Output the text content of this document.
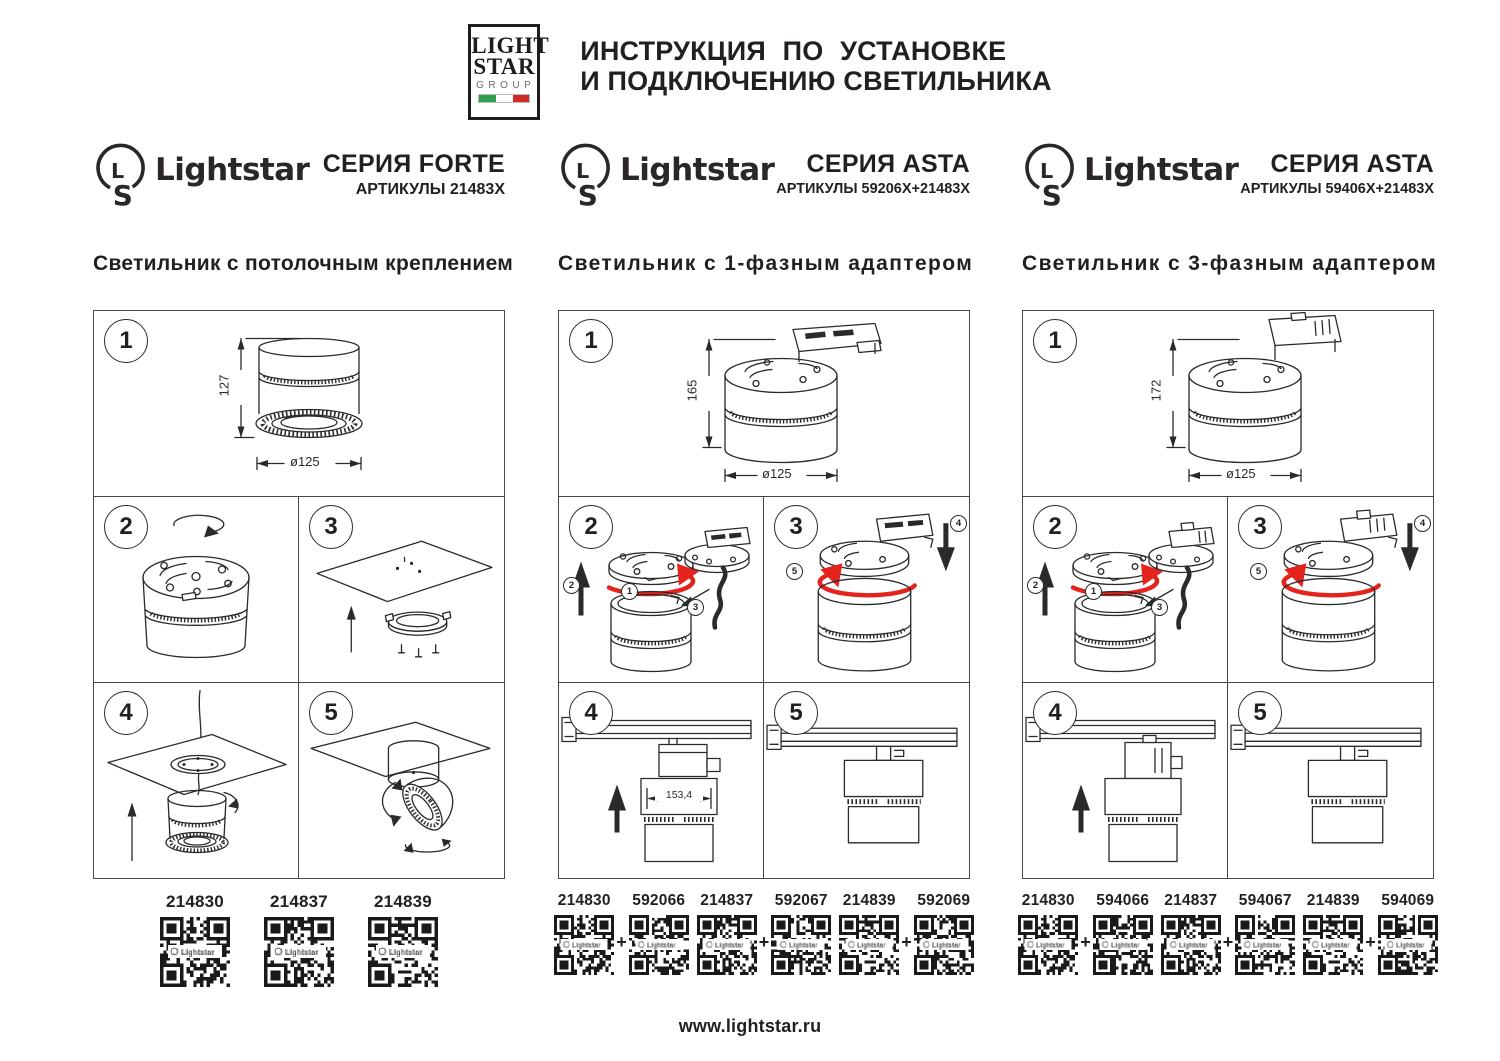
LIGHT
STAR
GROUP
ИНСТРУКЦИЯ ПО УСТАНОВКЕ
И ПОДКЛЮЧЕНИЮ СВЕТИЛЬНИКА
L
S
Lightstar СЕРИЯ FORTE
АРТИКУЛЫ 21483X
Светильник с потолочным креплением
1
127
ø125
2	3
4	5
214830	214837	214839
L
S
Lightstar	СЕРИЯ ASTA
АРТИКУЛЫ 59206X+21483X
Светильник с 1-фазным адаптером
1
165
ø125
2
2
1
3
3	4
5
4
153,4
5
214830
+
592066 214837
+
592067 214839
+
592069
L
S
Lightstar	СЕРИЯ ASTA
АРТИКУЛЫ 59406X+21483X
Светильник с 3-фазным адаптером
1
172
ø125
2
2
1
3
3	4
5
4	5
214830
+
594066 214837
+
594067 214839
+
594069
www.lightstar.ru
